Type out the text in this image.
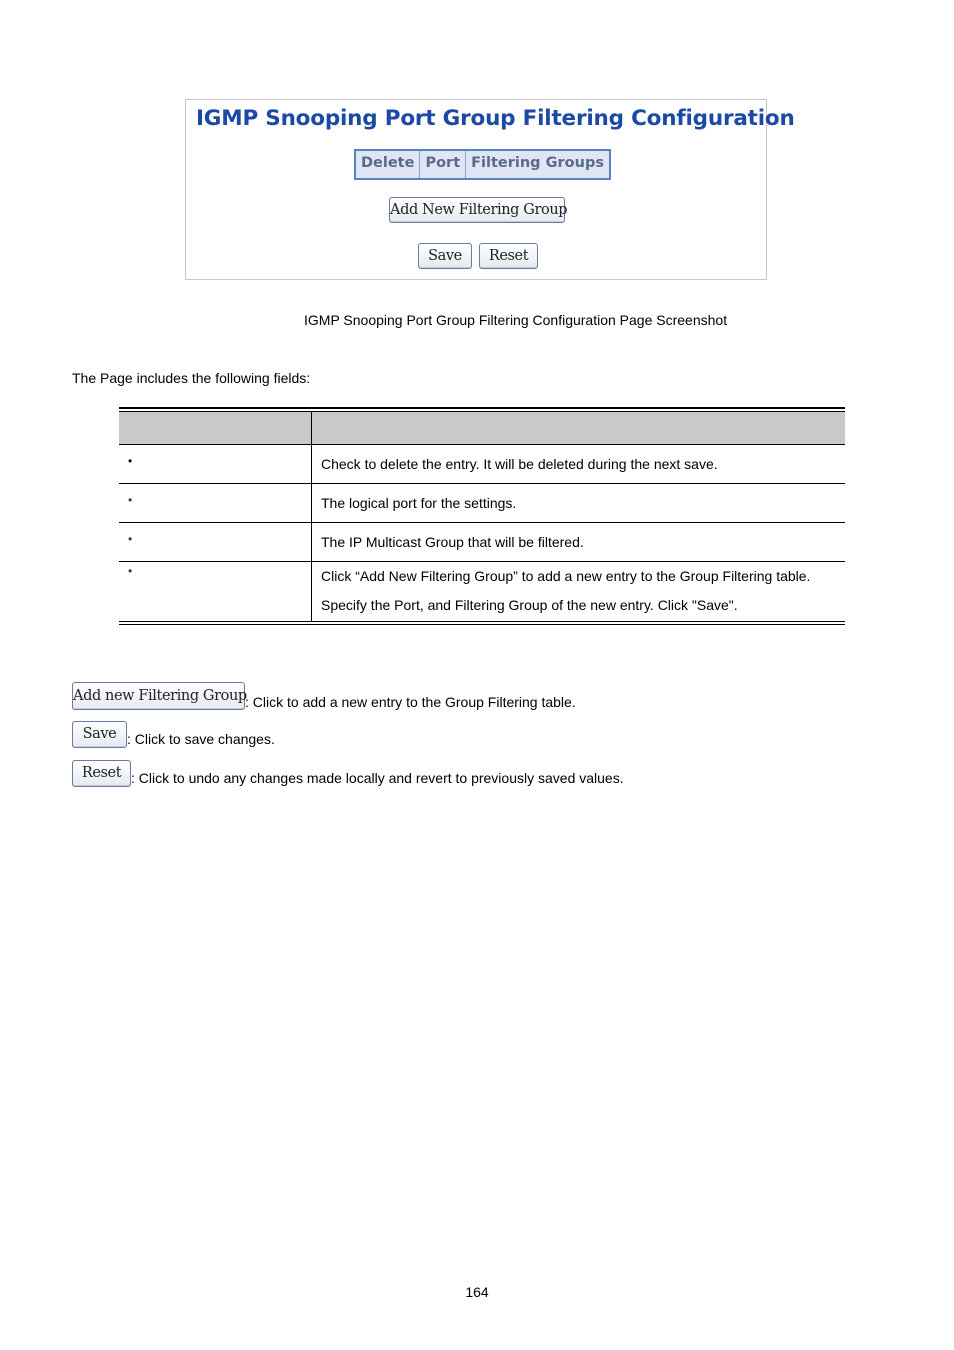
IGMP Snooping Port Group Filtering Configuration
Delete Port Filtering Groups
Add New Filtering Group
Save	Reset
IGMP Snooping Port Group Filtering Configuration Page Screenshot
The Page includes the following fields:
•	Check to delete the entry. It will be deleted during the next save.

•	The logical port for the settings.

•	The IP Multicast Group that will be filtered.

•	Click “Add New Filtering Group” to add a new entry to the Group Filtering table.

Specify the Port, and Filtering Group of the new entry. Click "Save".

Add new Filtering Group
: Click to add a new entry to the Group Filtering table.
Save : Click to save changes.
Reset : Click to undo any changes made locally and revert to previously saved values.
164
